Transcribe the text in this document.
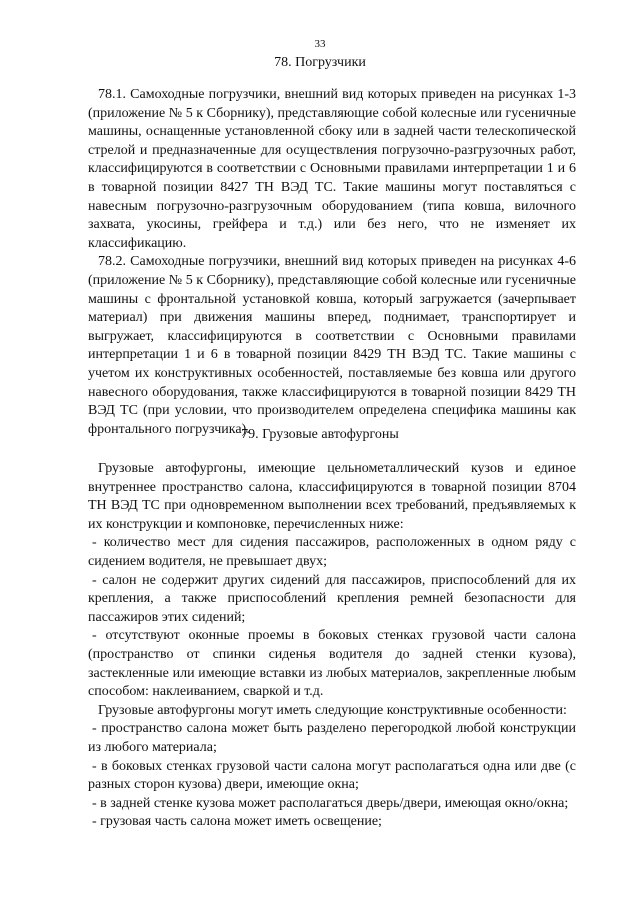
33
78. Погрузчики

78.1. Самоходные погрузчики, внешний вид которых приведен на рисунках 1-3 (приложение № 5 к Сборнику), представляющие собой колесные или гусеничные машины, оснащенные установленной сбоку или в задней части телескопической стрелой и предназначенные для осуществления погрузочно-разгрузочных работ, классифицируются в соответствии с Основными правилами интерпретации 1 и 6 в товарной позиции 8427 ТН ВЭД ТС. Такие машины могут поставляться с навесным погрузочно-разгрузочным оборудованием (типа ковша, вилочного захвата, укосины, грейфера и т.д.) или без него, что не изменяет их классификацию.

78.2. Самоходные погрузчики, внешний вид которых приведен на рисунках 4-6 (приложение № 5 к Сборнику), представляющие собой колесные или гусеничные машины с фронтальной установкой ковша, который загружается (зачерпывает материал) при движения машины вперед, поднимает, транспортирует и выгружает, классифицируются в соответствии с Основными правилами интерпретации 1 и 6 в товарной позиции 8429 ТН ВЭД ТС. Такие машины с учетом их конструктивных особенностей, поставляемые без ковша или другого навесного оборудования, также классифицируются в товарной позиции 8429 ТН ВЭД ТС (при условии, что производителем определена специфика машины как фронтального погрузчика).

79. Грузовые автофургоны

Грузовые автофургоны, имеющие цельнометаллический кузов и единое внутреннее пространство салона, классифицируются в товарной позиции 8704 ТН ВЭД ТС при одновременном выполнении всех требований, предъявляемых к их конструкции и компоновке, перечисленных ниже:

- количество мест для сидения пассажиров, расположенных в одном ряду с сидением водителя, не превышает двух;

- салон не содержит других сидений для пассажиров, приспособлений для их крепления, а также приспособлений крепления ремней безопасности для пассажиров этих сидений;

- отсутствуют оконные проемы в боковых стенках грузовой части салона (пространство от спинки сиденья водителя до задней стенки кузова), застекленные или имеющие вставки из любых материалов, закрепленные любым способом: наклеиванием, сваркой и т.д.

Грузовые автофургоны могут иметь следующие конструктивные особенности:

- пространство салона может быть разделено перегородкой любой конструкции из любого материала;

- в боковых стенках грузовой части салона могут располагаться одна или две (с разных сторон кузова) двери, имеющие окна;

- в задней стенке кузова может располагаться дверь/двери, имеющая окно/окна;

- грузовая часть салона может иметь освещение;
